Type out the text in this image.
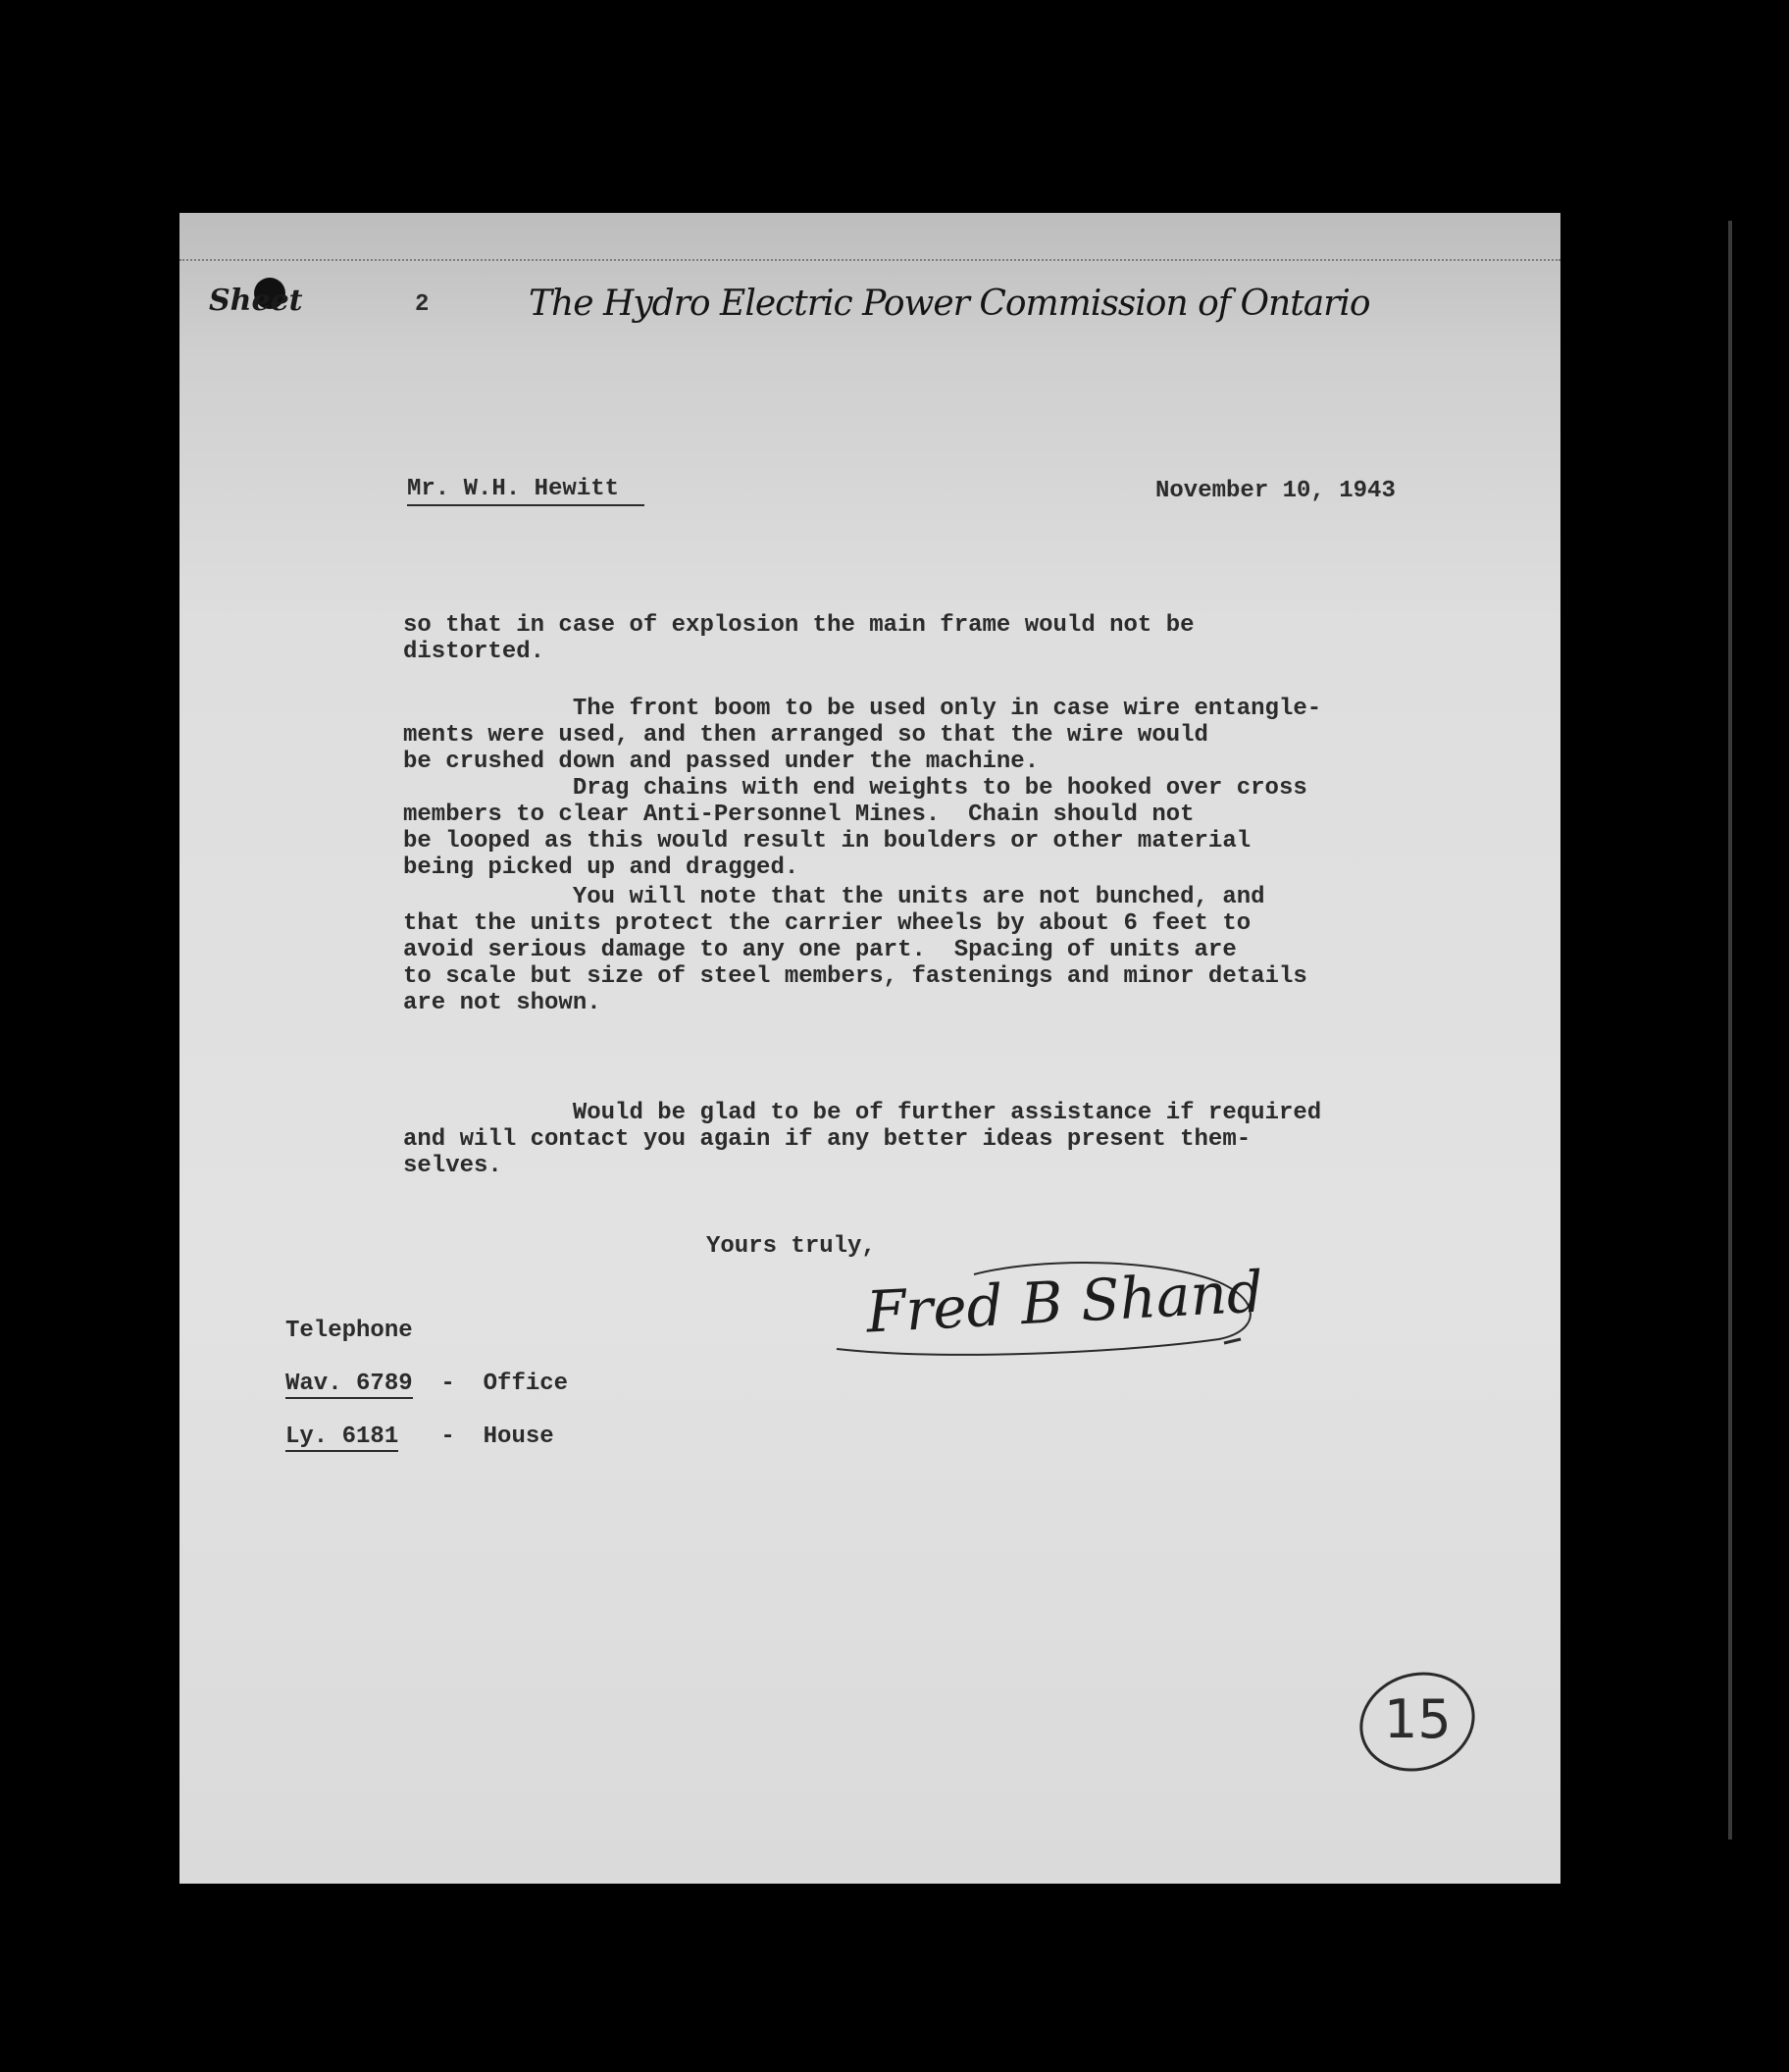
Sheet	2	The Hydro Electric Power Commission of Ontario
Mr. W.H. Hewitt	November 10, 1943
so that in case of explosion the main frame would not be
distorted.
The front boom to be used only in case wire entangle-
ments were used, and then arranged so that the wire would
be crushed down and passed under the machine.
Drag chains with end weights to be hooked over cross
members to clear Anti-Personnel Mines.  Chain should not
be looped as this would result in boulders or other material
being picked up and dragged.
You will note that the units are not bunched, and
that the units protect the carrier wheels by about 6 feet to
avoid serious damage to any one part.  Spacing of units are
to scale but size of steel members, fastenings and minor details
are not shown.
Would be glad to be of further assistance if required
and will contact you again if any better ideas present them-
selves.
Yours truly,
Fred B Shand
Telephone
Wav. 6789  -  Office
Ly. 6181   -  House
15
